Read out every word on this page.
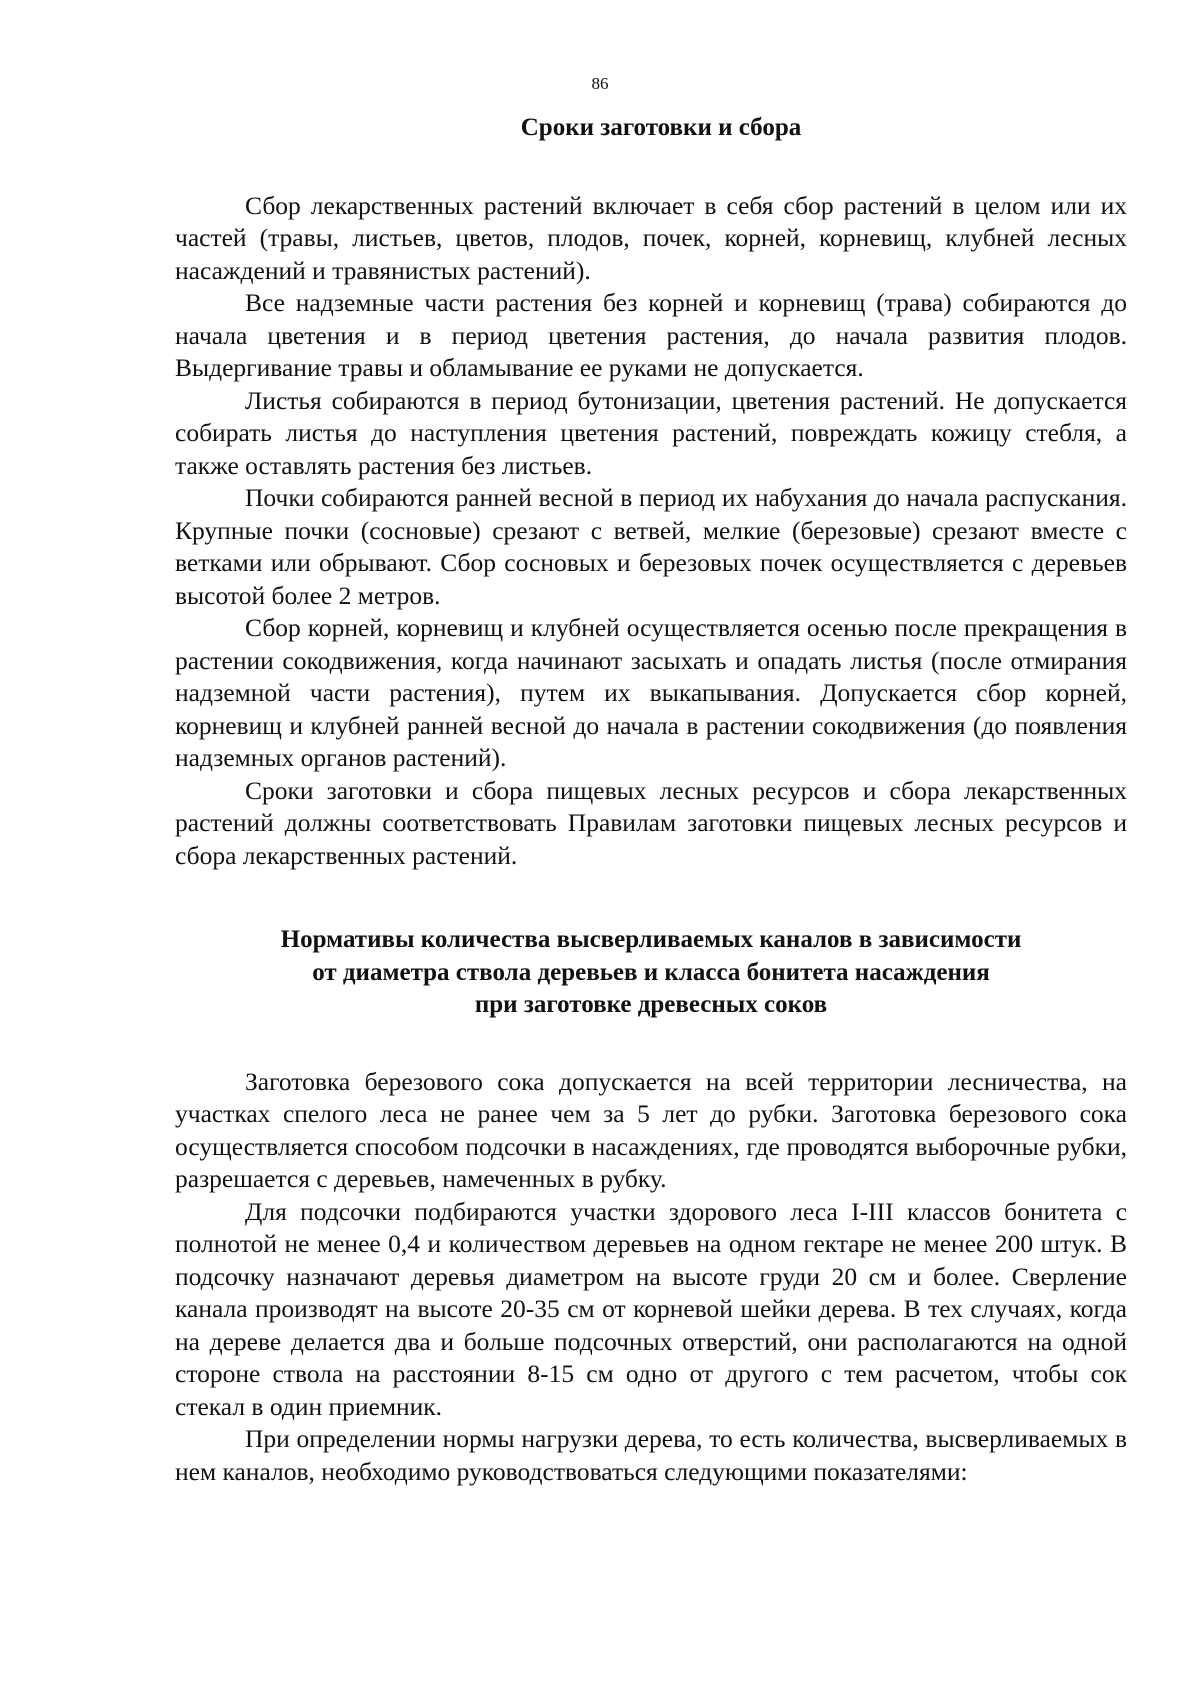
86
Сроки заготовки и сбора

Сбор лекарственных растений включает в себя сбор растений в целом или их частей (травы, листьев, цветов, плодов, почек, корней, корневищ, клубней лесных насаждений и травянистых растений).

Все надземные части растения без корней и корневищ (трава) собираются до начала цветения и в период цветения растения, до начала развития плодов. Выдергивание травы и обламывание ее руками не допускается.

Листья собираются в период бутонизации, цветения растений. Не допускается собирать листья до наступления цветения растений, повреждать кожицу стебля, а также оставлять растения без листьев.

Почки собираются ранней весной в период их набухания до начала распускания. Крупные почки (сосновые) срезают с ветвей, мелкие (березовые) срезают вместе с ветками или обрывают. Сбор сосновых и березовых почек осуществляется с деревьев высотой более 2 метров.

Сбор корней, корневищ и клубней осуществляется осенью после прекращения в растении сокодвижения, когда начинают засыхать и опадать листья (после отмирания надземной части растения), путем их выкапывания. Допускается сбор корней, корневищ и клубней ранней весной до начала в растении сокодвижения (до появления надземных органов растений).

Сроки заготовки и сбора пищевых лесных ресурсов и сбора лекарственных растений должны соответствовать Правилам заготовки пищевых лесных ресурсов и сбора лекарственных растений.

Нормативы количества высверливаемых каналов в зависимости
от диаметра ствола деревьев и класса бонитета насаждения
при заготовке древесных соков

Заготовка березового сока допускается на всей территории лесничества, на участках спелого леса не ранее чем за 5 лет до рубки. Заготовка березового сока осуществляется способом подсочки в насаждениях, где проводятся выборочные рубки, разрешается с деревьев, намеченных в рубку.

Для подсочки подбираются участки здорового леса I-III классов бонитета с полнотой не менее 0,4 и количеством деревьев на одном гектаре не менее 200 штук. В подсочку назначают деревья диаметром на высоте груди 20 см и более. Сверление канала производят на высоте 20-35 см от корневой шейки дерева. В тех случаях, когда на дереве делается два и больше подсочных отверстий, они располагаются на одной стороне ствола на расстоянии 8-15 см одно от другого с тем расчетом, чтобы сок стекал в один приемник.

При определении нормы нагрузки дерева, то есть количества, высверливаемых в нем каналов, необходимо руководствоваться следующими показателями:
